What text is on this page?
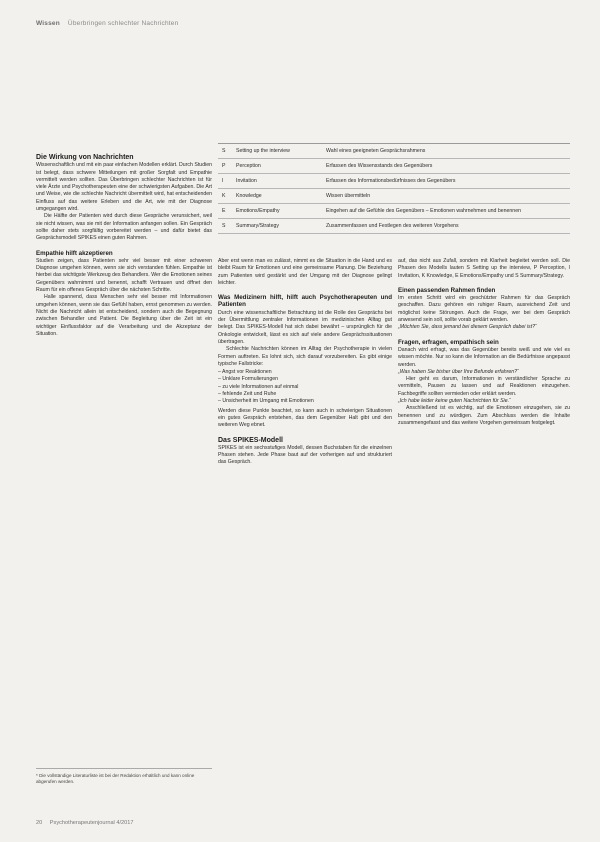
Wissen Überbringen schlechter Nachrichten
Die Wirkung von Nachrichten

Wissenschaftlich und mit ein paar einfachen Modellen erklärt. Durch Studien ist belegt, dass schwere Mitteilungen mit großer Sorgfalt und Empathie vermittelt werden sollten. Das Überbringen schlechter Nachrichten ist für viele Ärzte und Psychotherapeuten eine der schwierigsten Aufgaben. Die Art und Weise, wie die schlechte Nachricht übermittelt wird, hat entscheidenden Einfluss auf das weitere Erleben und die Art, wie mit der Diagnose umgegangen wird.

Die Hälfte der Patienten wird durch diese Gespräche verunsichert, weil sie nicht wissen, was sie mit der Information anfangen sollen. Ein Gespräch sollte daher stets sorgfältig vorbereitet werden – und dafür bietet das Gesprächsmodell SPIKES einen guten Rahmen.

Empathie hilft akzeptieren

Studien zeigen, dass Patienten sehr viel besser mit einer schweren Diagnose umgehen können, wenn sie sich verstanden fühlen. Empathie ist hierbei das wichtigste Werkzeug des Behandlers. Wer die Emotionen seines Gegenübers wahrnimmt und benennt, schafft Vertrauen und öffnet den Raum für ein offenes Gespräch über die nächsten Schritte.

Halle spannend, dass Menschen sehr viel besser mit Informationen umgehen können, wenn sie das Gefühl haben, ernst genommen zu werden. Nicht die Nachricht allein ist entscheidend, sondern auch die Begegnung zwischen Behandler und Patient. Die Begleitung über die Zeit ist ein wichtiger Einflussfaktor auf die Verarbeitung und die Akzeptanz der Situation.

S	Setting up the interview	Wahl eines geeigneten Gesprächsrahmens
P	Perception	Erfassen des Wissensstands des Gegenübers
I	Invitation	Erfassen des Informationsbedürfnisses des Gegenübers
K	Knowledge	Wissen übermitteln
E	Emotions/Empathy	Eingehen auf die Gefühle des Gegenübers – Emotionen wahrnehmen und benennen
S	Summary/Strategy	Zusammenfassen und Festlegen des weiteren Vorgehens

Aber erst wenn man es zulässt, nimmt es die Situation in die Hand und es bleibt Raum für Emotionen und eine gemeinsame Planung. Die Beziehung zum Patienten wird gestärkt und der Umgang mit der Diagnose gelingt leichter.

Was Medizinern hilft, hilft auch Psychotherapeuten und Patienten

Durch eine wissenschaftliche Betrachtung ist die Rolle des Gesprächs bei der Übermittlung zentraler Informationen im medizinischen Alltag gut belegt. Das SPIKES-Modell hat sich dabei bewährt – ursprünglich für die Onkologie entwickelt, lässt es sich auf viele andere Gesprächssituationen übertragen.

Schlechte Nachrichten können im Alltag der Psychotherapie in vielen Formen auftreten. Es lohnt sich, sich darauf vorzubereiten. Es gibt einige typische Fallstricke:

– Angst vor Reaktionen
– Unklare Formulierungen
– zu viele Informationen auf einmal
– fehlende Zeit und Ruhe
– Unsicherheit im Umgang mit Emotionen

Werden diese Punkte beachtet, so kann auch in schwierigen Situationen ein gutes Gespräch entstehen, das dem Gegenüber Halt gibt und den weiteren Weg ebnet.

Das SPIKES-Modell

SPIKES ist ein sechsstufiges Modell, dessen Buchstaben für die einzelnen Phasen stehen. Jede Phase baut auf der vorherigen auf und strukturiert das Gespräch.

auf, das nicht aus Zufall, sondern mit Klarheit begleitet werden soll. Die Phasen des Modells lauten S Setting up the interview, P Perception, I Invitation, K Knowledge, E Emotions/Empathy und S Summary/Strategy.

Einen passenden Rahmen finden

Im ersten Schritt wird ein geschützter Rahmen für das Gespräch geschaffen. Dazu gehören ein ruhiger Raum, ausreichend Zeit und möglichst keine Störungen. Auch die Frage, wer bei dem Gespräch anwesend sein soll, sollte vorab geklärt werden.

„Möchten Sie, dass jemand bei diesem Gespräch dabei ist?“

Fragen, erfragen, empathisch sein

Danach wird erfragt, was das Gegenüber bereits weiß und wie viel es wissen möchte. Nur so kann die Information an die Bedürfnisse angepasst werden.

„Was haben Sie bisher über Ihre Befunde erfahren?“

Hier geht es darum, Informationen in verständlicher Sprache zu vermitteln, Pausen zu lassen und auf Reaktionen einzugehen. Fachbegriffe sollten vermieden oder erklärt werden.

„Ich habe leider keine guten Nachrichten für Sie.“

Anschließend ist es wichtig, auf die Emotionen einzugehen, sie zu benennen und zu würdigen. Zum Abschluss werden die Inhalte zusammengefasst und das weitere Vorgehen gemeinsam festgelegt.

* Die vollständige Literaturliste ist bei der Redaktion erhältlich und kann online abgerufen werden.
20 Psychotherapeutenjournal 4/2017
